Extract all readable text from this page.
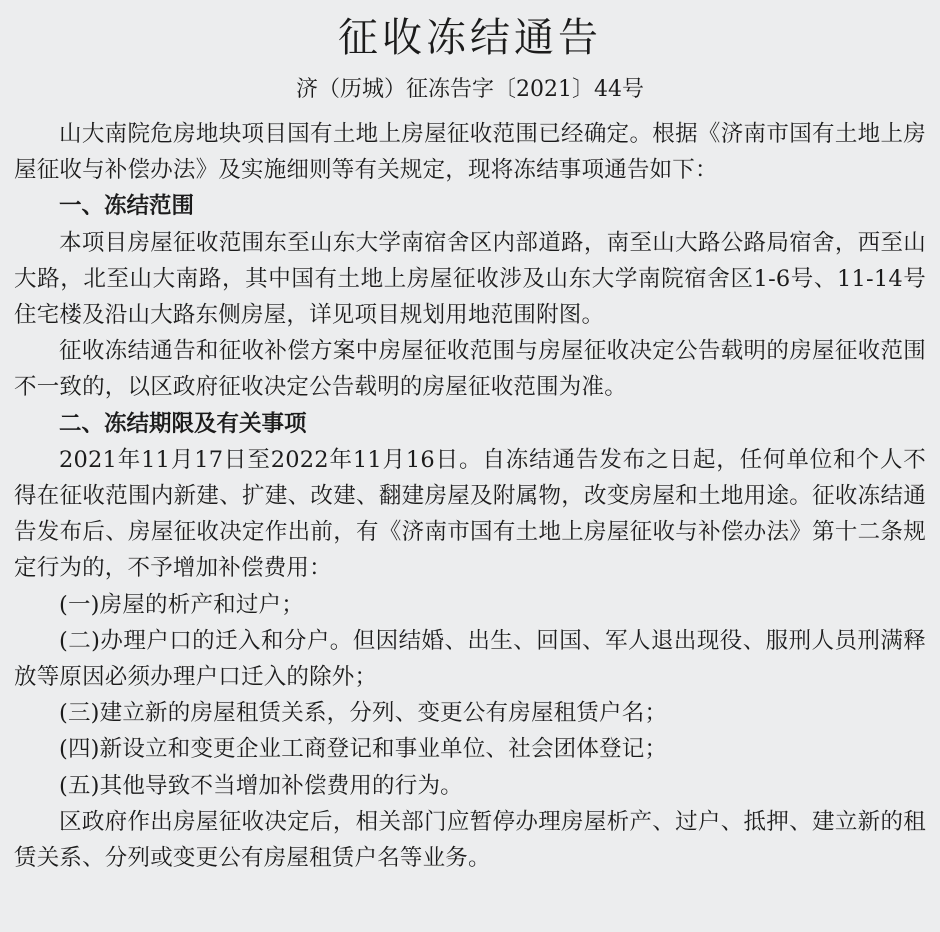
征收冻结通告

济（历城）征冻告字〔2021〕44号

山大南院危房地块项目国有土地上房屋征收范围已经确定。根据《济南市国有土地上房屋征收与补偿办法》及实施细则等有关规定，现将冻结事项通告如下：

一、冻结范围

本项目房屋征收范围东至山东大学南宿舍区内部道路，南至山大路公路局宿舍，西至山大路，北至山大南路，其中国有土地上房屋征收涉及山东大学南院宿舍区1-6号、11-14号住宅楼及沿山大路东侧房屋，详见项目规划用地范围附图。

征收冻结通告和征收补偿方案中房屋征收范围与房屋征收决定公告载明的房屋征收范围不一致的，以区政府征收决定公告载明的房屋征收范围为准。

二、冻结期限及有关事项

2021年11月17日至2022年11月16日。自冻结通告发布之日起，任何单位和个人不得在征收范围内新建、扩建、改建、翻建房屋及附属物，改变房屋和土地用途。征收冻结通告发布后、房屋征收决定作出前，有《济南市国有土地上房屋征收与补偿办法》第十二条规定行为的，不予增加补偿费用：

(一)房屋的析产和过户；

(二)办理户口的迁入和分户。但因结婚、出生、回国、军人退出现役、服刑人员刑满释放等原因必须办理户口迁入的除外；

(三)建立新的房屋租赁关系，分列、变更公有房屋租赁户名；

(四)新设立和变更企业工商登记和事业单位、社会团体登记；

(五)其他导致不当增加补偿费用的行为。

区政府作出房屋征收决定后，相关部门应暂停办理房屋析产、过户、抵押、建立新的租赁关系、分列或变更公有房屋租赁户名等业务。
